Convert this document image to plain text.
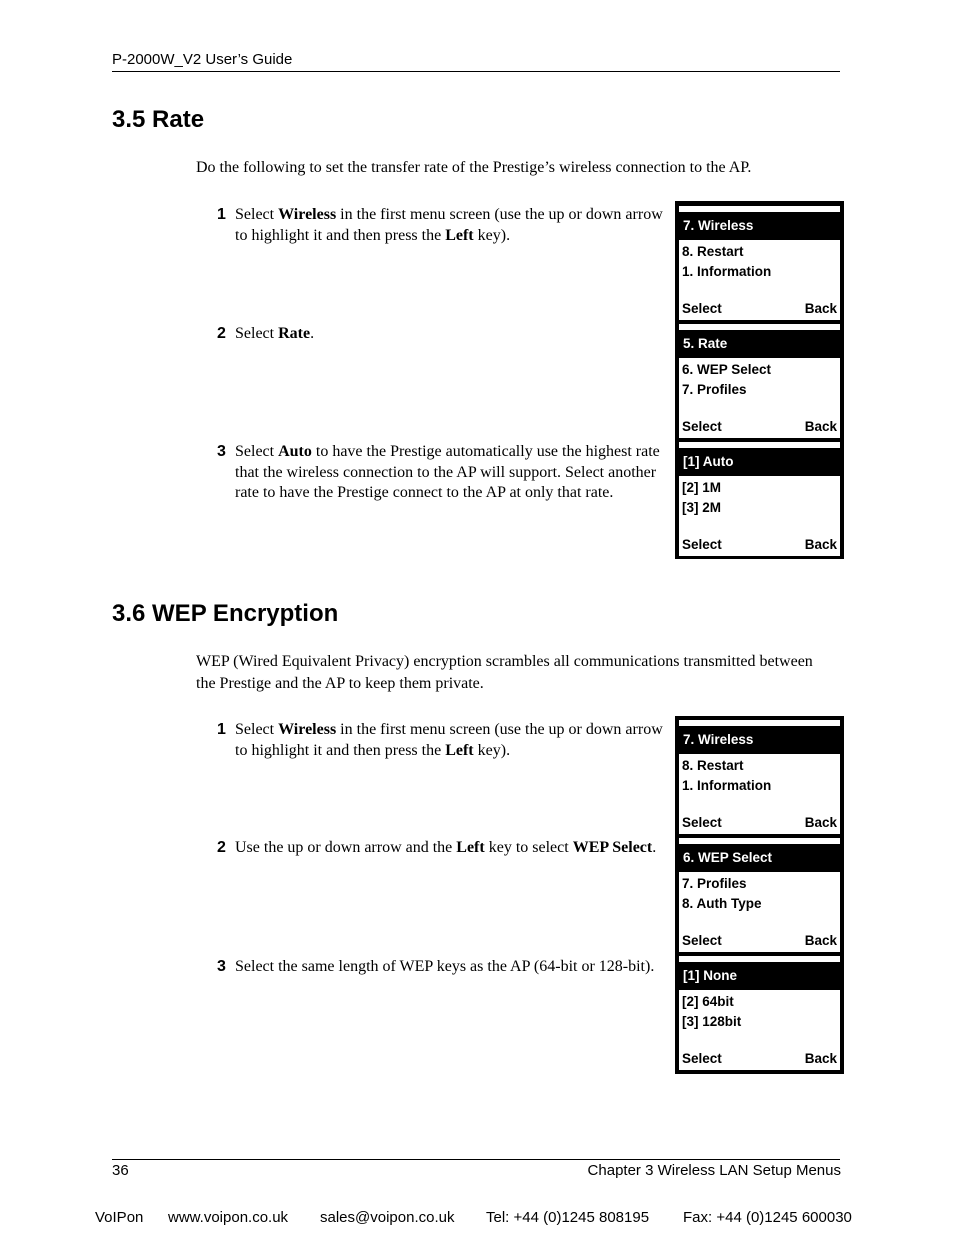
P-2000W_V2 User’s Guide
3.5 Rate
Do the following to set the transfer rate of the Prestige’s wireless connection to the AP.
1 Select Wireless in the first menu screen (use the up or down arrow to highlight it and then press the Left key).
2 Select Rate.
3 Select Auto to have the Prestige automatically use the highest rate that the wireless connection to the AP will support. Select another rate to have the Prestige connect to the AP at only that rate.
7. Wireless
8. Restart
1. Information
Select	Back
5. Rate
6. WEP Select
7. Profiles
Select	Back
[1] Auto
[2] 1M
[3] 2M
Select	Back
3.6 WEP Encryption
WEP (Wired Equivalent Privacy) encryption scrambles all communications transmitted between the Prestige and the AP to keep them private.
1 Select Wireless in the first menu screen (use the up or down arrow to highlight it and then press the Left key).
2 Use the up or down arrow and the Left key to select WEP Select.
3 Select the same length of WEP keys as the AP (64-bit or 128-bit).
7. Wireless
8. Restart
1. Information
Select	Back
6. WEP Select
7. Profiles
8. Auth Type
Select	Back
[1] None
[2] 64bit
[3] 128bit
Select	Back
36	Chapter 3 Wireless LAN Setup Menus
VoIPon www.voipon.co.uk sales@voipon.co.uk Tel: +44 (0)1245 808195 Fax: +44 (0)1245 600030
